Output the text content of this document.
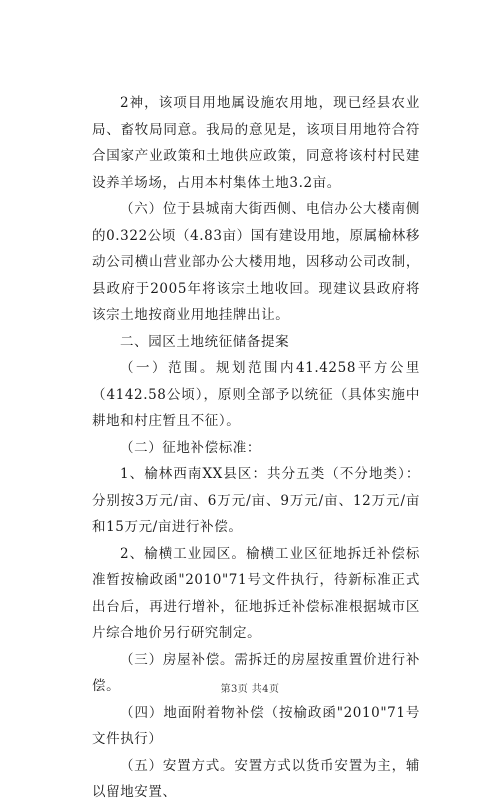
2神，该项目用地属设施农用地，现已经县农业局、畜牧局同意。我局的意见是，该项目用地符合符合国家产业政策和土地供应政策，同意将该村村民建设养羊场场，占用本村集体土地3.2亩。

（六）位于县城南大街西侧、电信办公大楼南侧的0.322公顷（4.83亩）国有建设用地，原属榆林移动公司横山营业部办公大楼用地，因移动公司改制，县政府于2005年将该宗土地收回。现建议县政府将该宗土地按商业用地挂牌出让。

二、园区土地统征储备提案

（一）范围。规划范围内41.4258平方公里（4142.58公顷），原则全部予以统征（具体实施中耕地和村庄暂且不征）。

（二）征地补偿标准：

1、榆林西南XX县区：共分五类（不分地类）：分别按3万元/亩、6万元/亩、9万元/亩、12万元/亩和15万元/亩进行补偿。

2、榆横工业园区。榆横工业区征地拆迁补偿标准暂按榆政函"2010"71号文件执行，待新标准正式出台后，再进行增补，征地拆迁补偿标准根据城市区片综合地价另行研究制定。

（三）房屋补偿。需拆迁的房屋按重置价进行补偿。

（四）地面附着物补偿（按榆政函"2010"71号文件执行）

（五）安置方式。安置方式以货币安置为主，辅以留地安置、

第3页 共4页
